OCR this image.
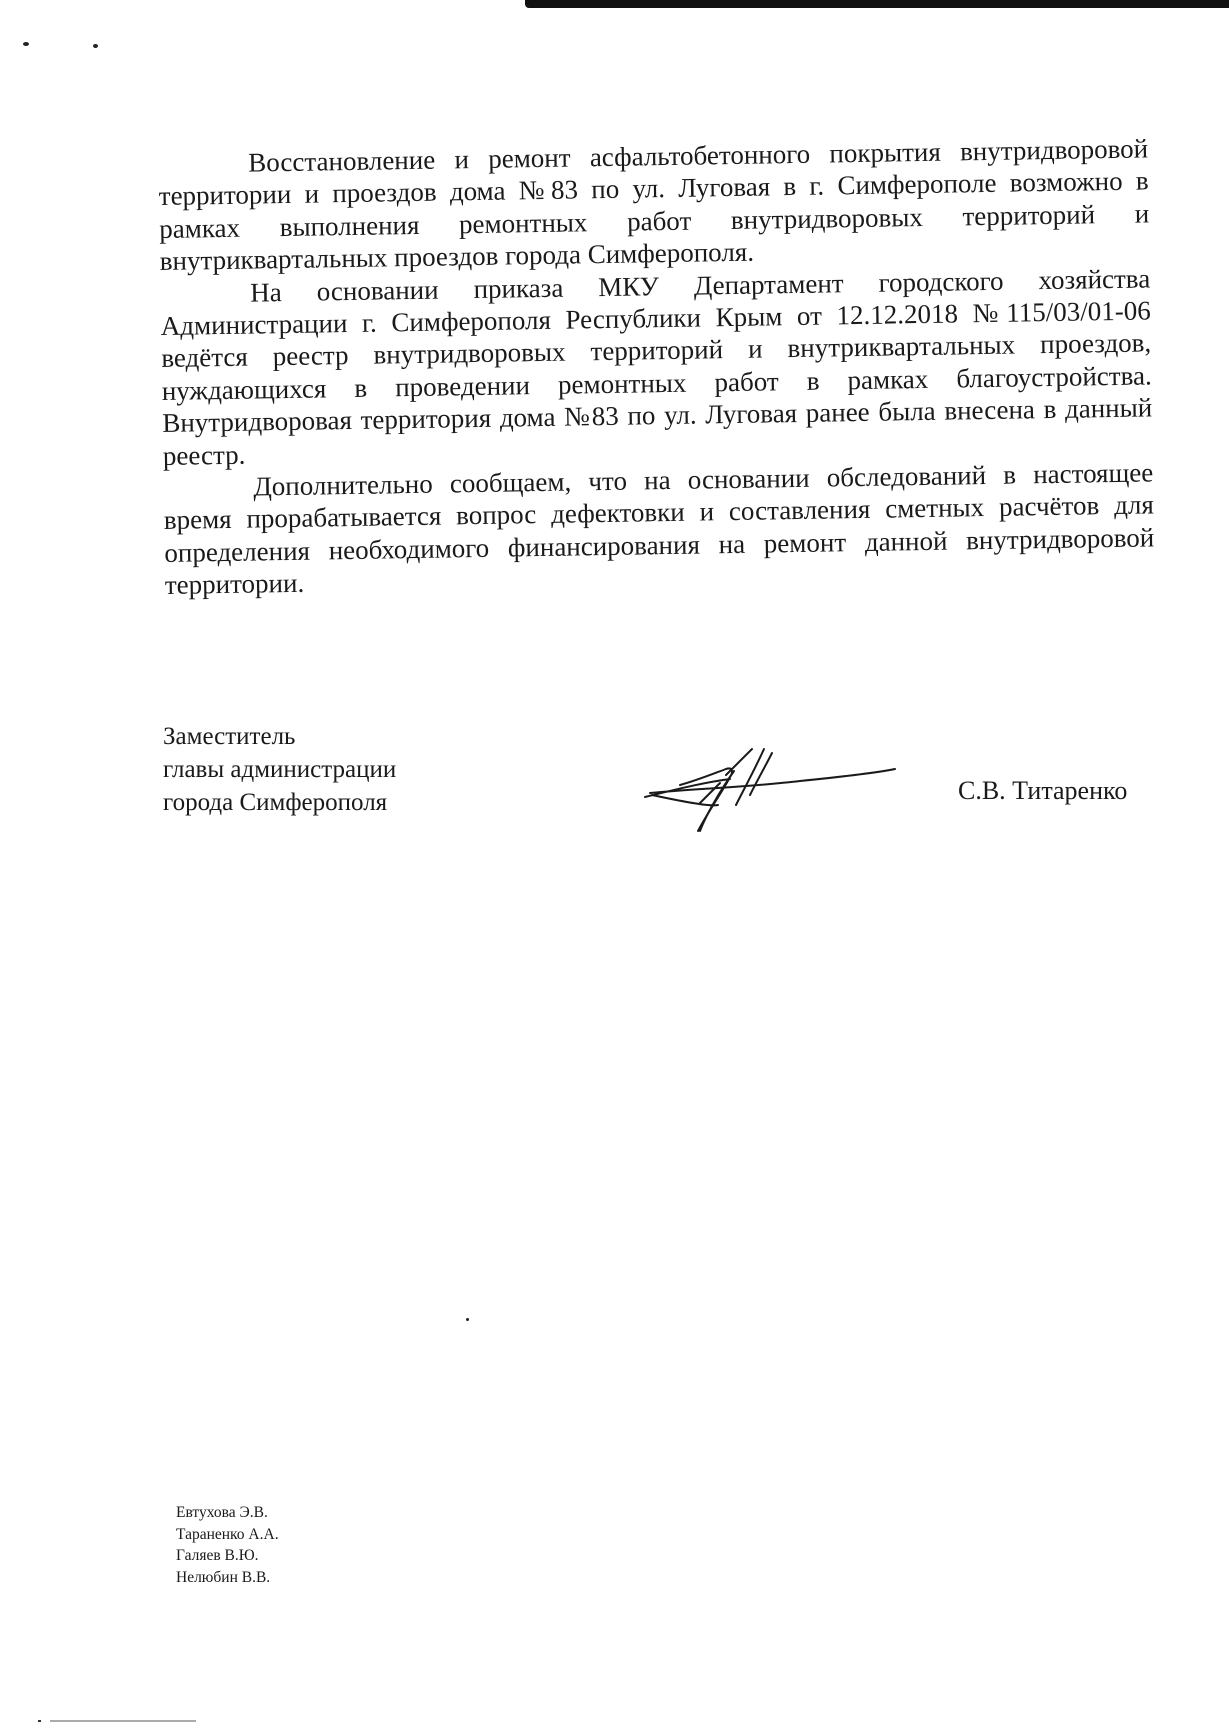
Восстановление и ремонт асфальтобетонного покрытия внутридворовой территории и проездов дома №83 по ул. Луговая в г. Симферополе возможно в рамках выполнения ремонтных работ внутридворовых территорий и внутриквартальных проездов города Симферополя.

На основании приказа МКУ Департамент городского хозяйства Администрации г. Симферополя Республики Крым от 12.12.2018 №115/03/01-06 ведётся реестр внутридворовых территорий и внутриквартальных проездов, нуждающихся в проведении ремонтных работ в рамках благоустройства. Внутридворовая территория дома №83 по ул. Луговая ранее была внесена в данный реестр.

Дополнительно сообщаем, что на основании обследований в настоящее время прорабатывается вопрос дефектовки и составления сметных расчётов для определения необходимого финансирования на ремонт данной внутридворовой территории.

Заместитель
главы администрации
города Симферополя	С.В. Титаренко
Евтухова Э.В.
Тараненко А.А.
Галяев В.Ю.
Нелюбин В.В.
